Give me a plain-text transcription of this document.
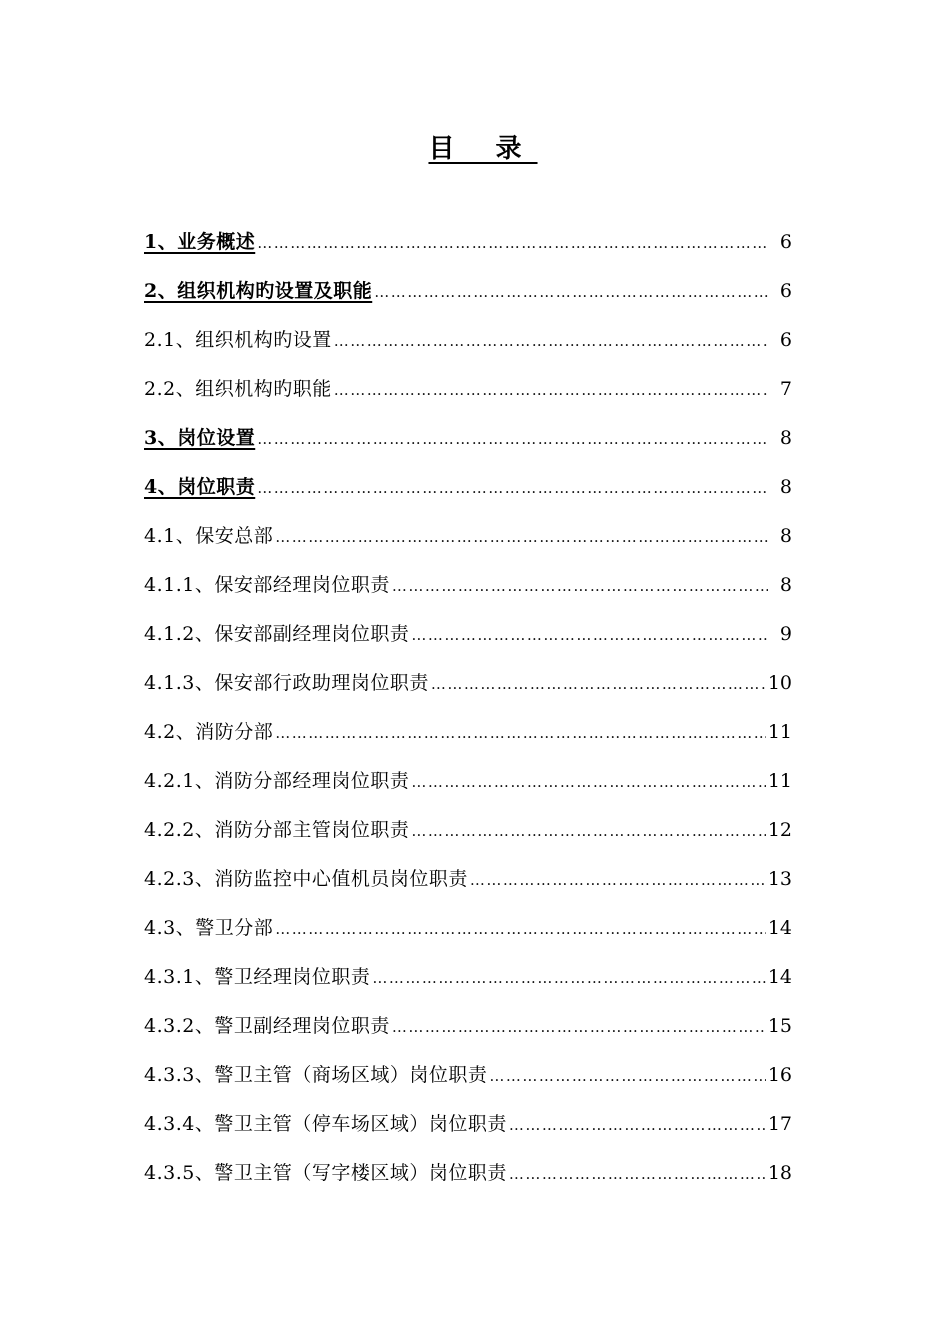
目 录
1、业务概述 ……………………………………………………………………………………………………………………………………………………………………	6
2、组织机构旳设置及职能 ……………………………………………………………………………………………………………………………………………………………………	6
2.1、组织机构旳设置 ……………………………………………………………………………………………………………………………………………………………………	6
2.2、组织机构旳职能 ……………………………………………………………………………………………………………………………………………………………………	7
3、岗位设置 ……………………………………………………………………………………………………………………………………………………………………	8
4、岗位职责 ……………………………………………………………………………………………………………………………………………………………………	8
4.1、保安总部 ……………………………………………………………………………………………………………………………………………………………………	8
4.1.1、保安部经理岗位职责 ……………………………………………………………………………………………………………………………………………………………………	8
4.1.2、保安部副经理岗位职责 ……………………………………………………………………………………………………………………………………………………………………	9
4.1.3、保安部行政助理岗位职责 ……………………………………………………………………………………………………………………………………………………………………	10
4.2、消防分部 ……………………………………………………………………………………………………………………………………………………………………	11
4.2.1、消防分部经理岗位职责 ……………………………………………………………………………………………………………………………………………………………………	11
4.2.2、消防分部主管岗位职责 ……………………………………………………………………………………………………………………………………………………………………	12
4.2.3、消防监控中心值机员岗位职责 ……………………………………………………………………………………………………………………………………………………………………	13
4.3、警卫分部 ……………………………………………………………………………………………………………………………………………………………………	14
4.3.1、警卫经理岗位职责 ……………………………………………………………………………………………………………………………………………………………………	14
4.3.2、警卫副经理岗位职责 ……………………………………………………………………………………………………………………………………………………………………	15
4.3.3、警卫主管（商场区域）岗位职责 ……………………………………………………………………………………………………………………………………………………………………	16
4.3.4、警卫主管（停车场区域）岗位职责 ……………………………………………………………………………………………………………………………………………………………………	17
4.3.5、警卫主管（写字楼区域）岗位职责 ……………………………………………………………………………………………………………………………………………………………………	18
